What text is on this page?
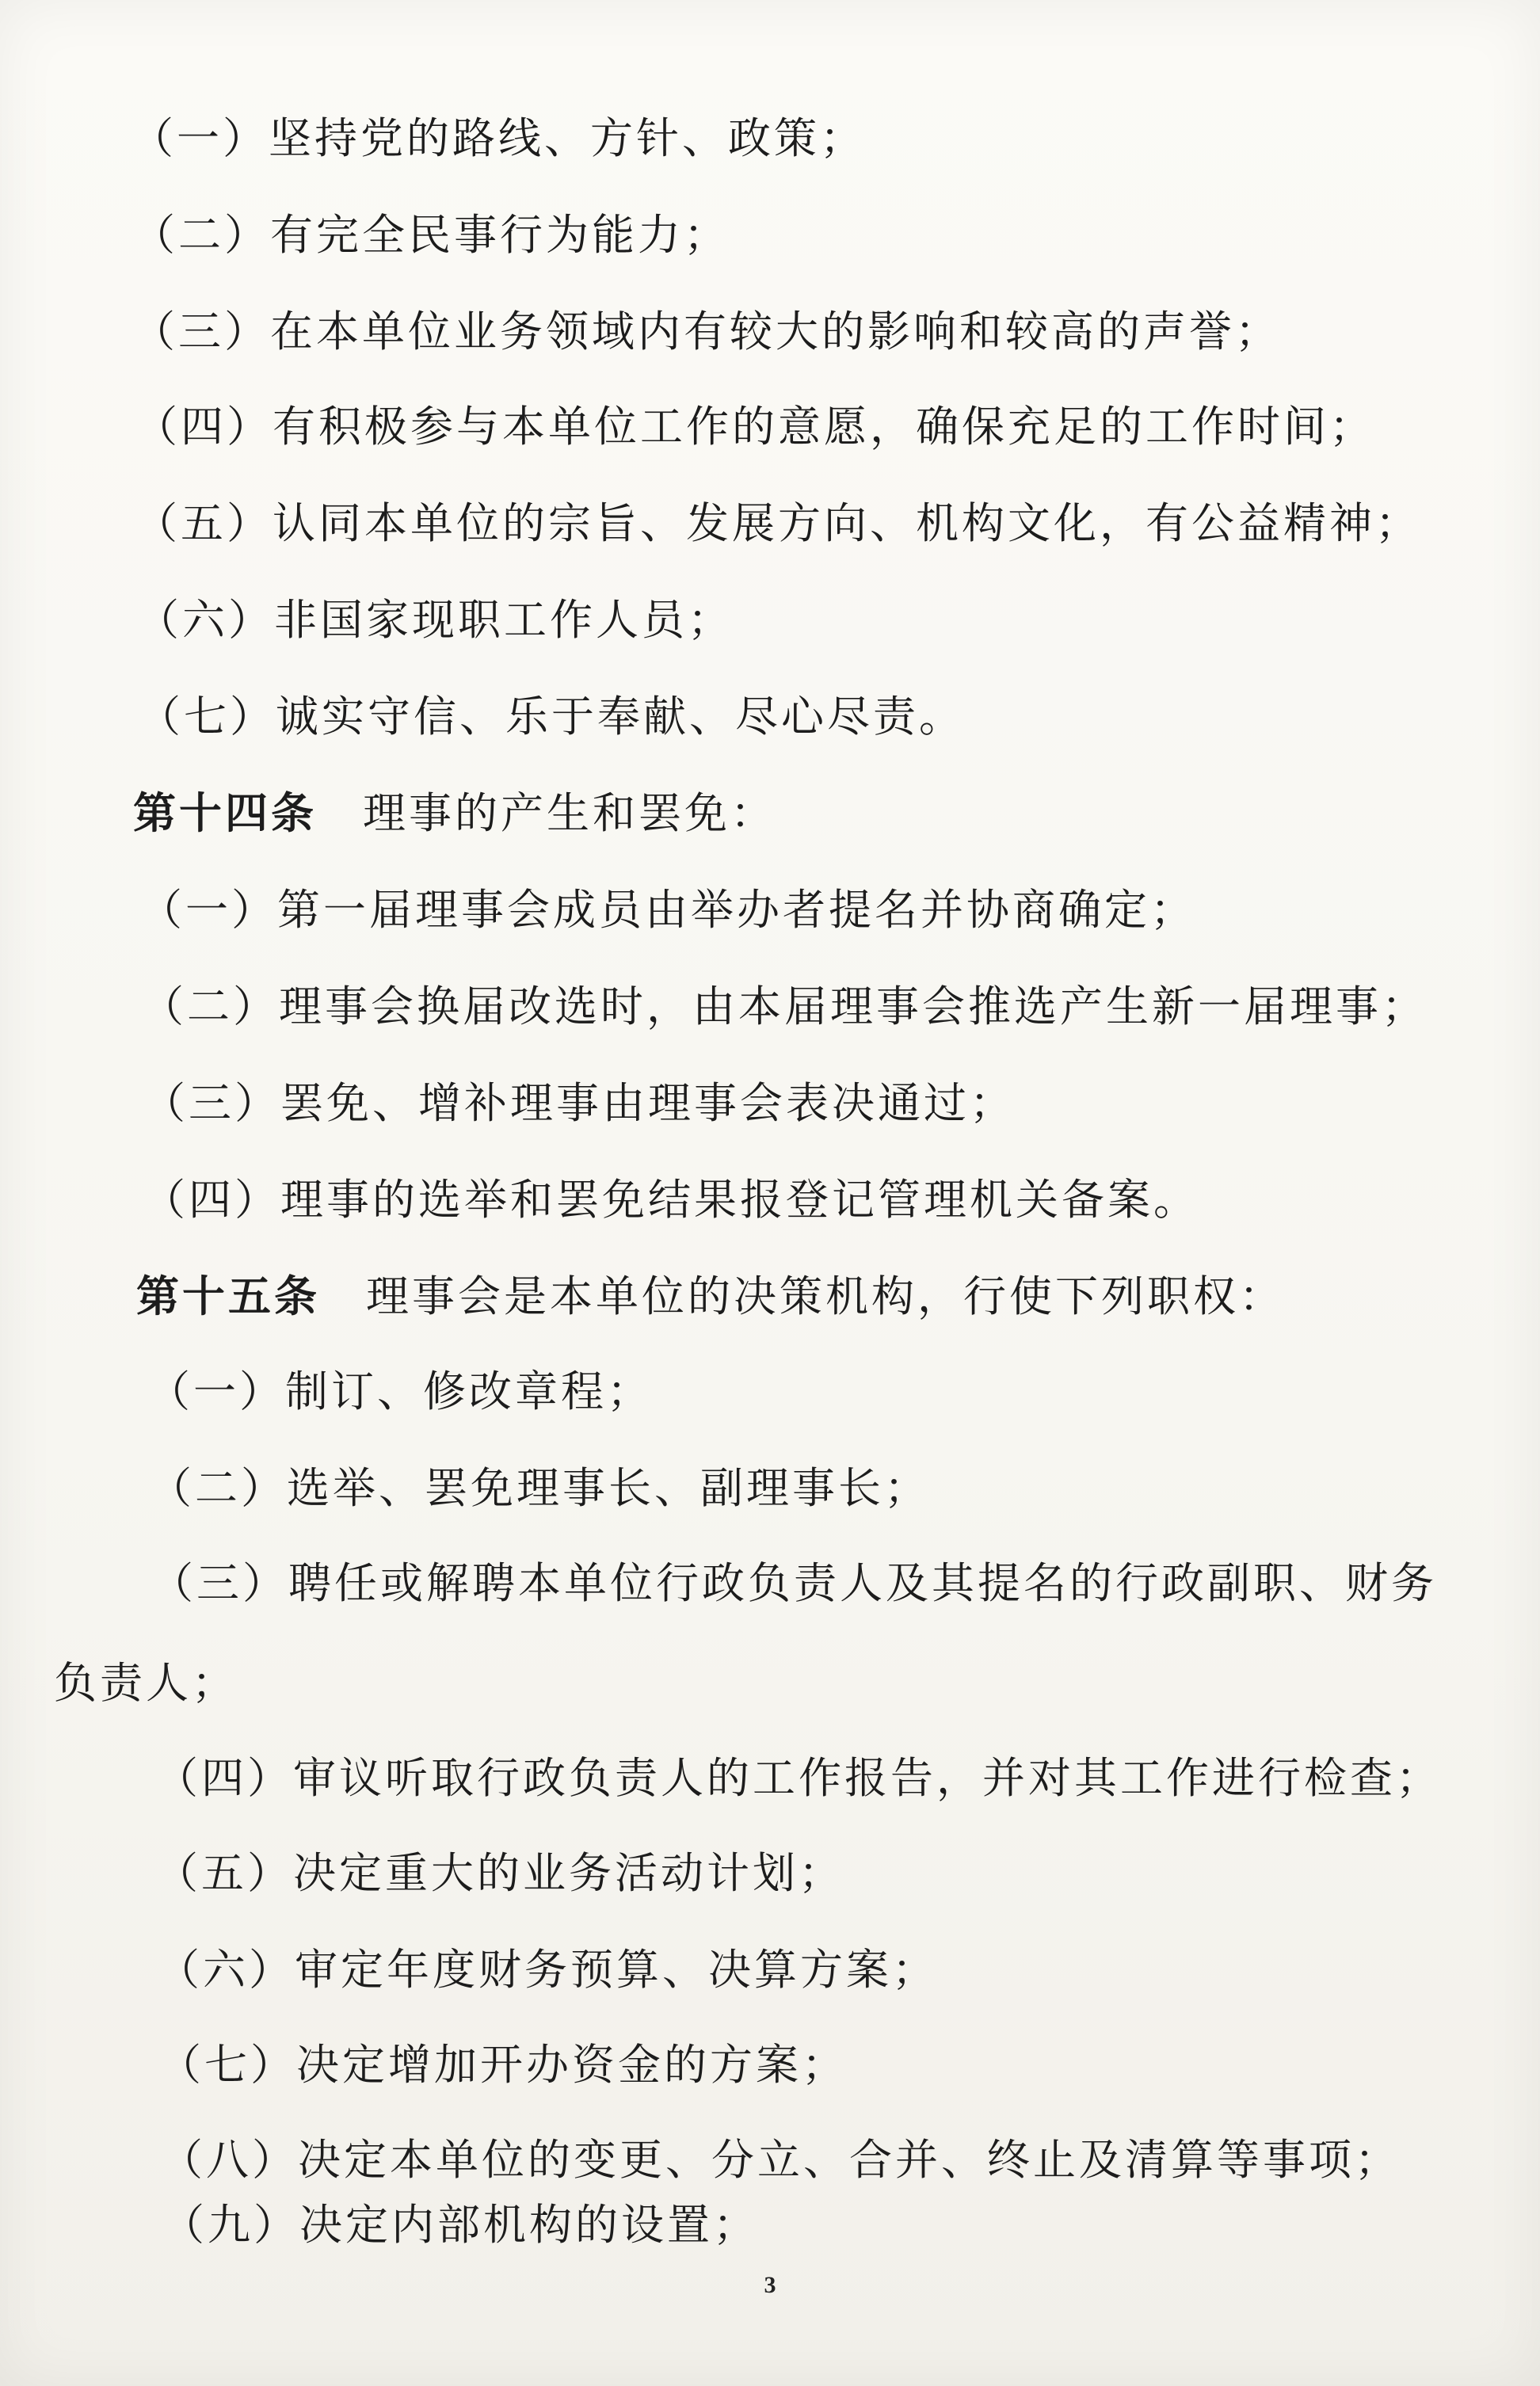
（一）坚持党的路线、方针、政策；
（二）有完全民事行为能力；
（三）在本单位业务领域内有较大的影响和较高的声誉；
（四）有积极参与本单位工作的意愿，确保充足的工作时间；
（五）认同本单位的宗旨、发展方向、机构文化，有公益精神；
（六）非国家现职工作人员；
（七）诚实守信、乐于奉献、尽心尽责。
第十四条 理事的产生和罢免：
（一）第一届理事会成员由举办者提名并协商确定；
（二）理事会换届改选时，由本届理事会推选产生新一届理事；
（三）罢免、增补理事由理事会表决通过；
（四）理事的选举和罢免结果报登记管理机关备案。
第十五条 理事会是本单位的决策机构，行使下列职权：
（一）制订、修改章程；
（二）选举、罢免理事长、副理事长；
（三）聘任或解聘本单位行政负责人及其提名的行政副职、财务
负责人；
（四）审议听取行政负责人的工作报告，并对其工作进行检查；
（五）决定重大的业务活动计划；
（六）审定年度财务预算、决算方案；
（七）决定增加开办资金的方案；
（八）决定本单位的变更、分立、合并、终止及清算等事项；
（九）决定内部机构的设置；
3
